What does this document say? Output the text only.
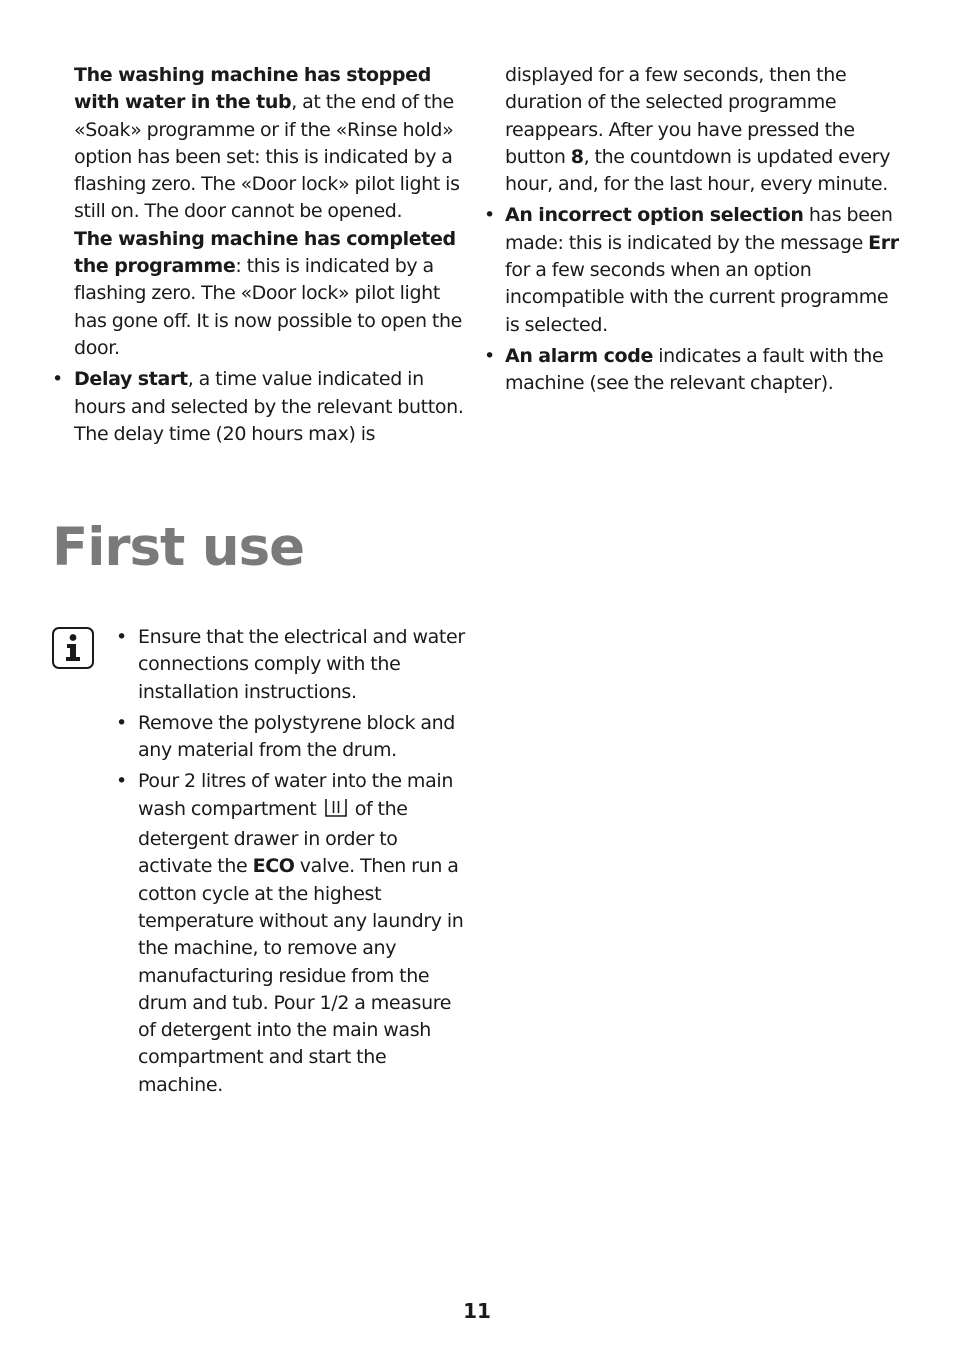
The washing machine has stopped with water in the tub, at the end of the «Soak» programme or if the «Rinse hold» option has been set: this is indicated by a flashing zero. The «Door lock» pilot light is still on. The door cannot be opened.

The washing machine has completed the programme: this is indicated by a flashing zero. The «Door lock» pilot light has gone off. It is now possible to open the door.

• Delay start, a time value indicated in hours and selected by the relevant button. The delay time (20 hours max) is

displayed for a few seconds, then the duration of the selected programme reappears. After you have pressed the button 8, the countdown is updated every hour, and, for the last hour, every minute.

• An incorrect option selection has been made: this is indicated by the message Err for a few seconds when an option incompatible with the current programme is selected.
• An alarm code indicates a fault with the machine (see the relevant chapter).
First use
• Ensure that the electrical and water connections comply with the installation instructions.
• Remove the polystyrene block and any material from the drum.
• Pour 2 litres of water into the main wash compartment  of the detergent drawer in order to activate the ECO valve. Then run a cotton cycle at the highest temperature without any laundry in the machine, to remove any manufacturing residue from the drum and tub. Pour 1/2 a measure of detergent into the main wash compartment and start the machine.
11
